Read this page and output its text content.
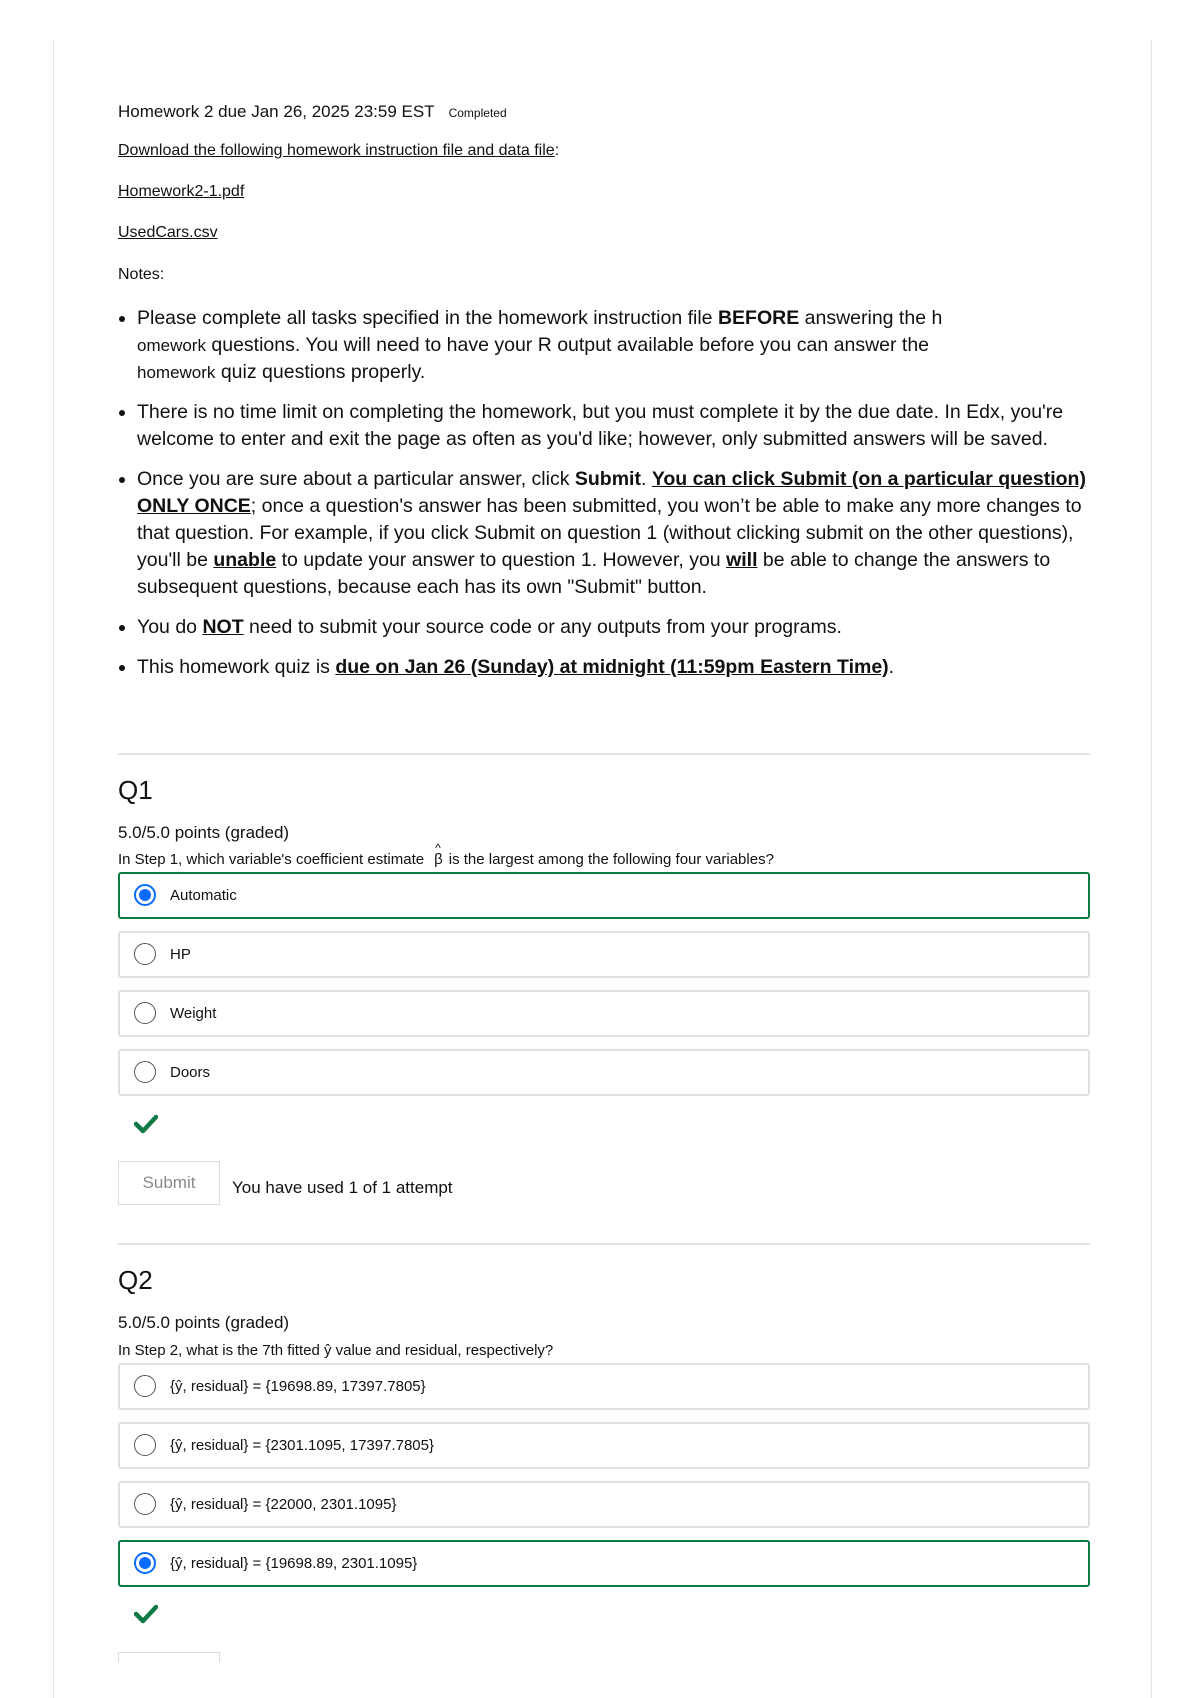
Homework 2 due Jan 26, 2025 23:59 EST Completed
Download the following homework instruction file and data file:
Homework2-1.pdf
UsedCars.csv
Notes:
• Please complete all tasks specified in the homework instruction file BEFORE answering the h
omework questions. You will need to have your R output available before you can answer the
homework quiz questions properly.
• There is no time limit on completing the homework, but you must complete it by the due date. In Edx, you're welcome to enter and exit the page as often as you'd like; however, only submitted answers will be saved.
• Once you are sure about a particular answer, click Submit. You can click Submit (on a particular question) ONLY ONCE; once a question's answer has been submitted, you won’t be able to make any more changes to that question. For example, if you click Submit on question 1 (without clicking submit on the other questions), you'll be unable to update your answer to question 1. However, you will be able to change the answers to subsequent questions, because each has its own "Submit" button.
• You do NOT need to submit your source code or any outputs from your programs.
• This homework quiz is due on Jan 26 (Sunday) at midnight (11:59pm Eastern Time).
Q1
5.0/5.0 points (graded)
In Step 1, which variable's coefficient estimate^ β is the largest among the following four variables?
Automatic
HP
Weight
Doors
Submit	You have used 1 of 1 attempt
Q2
5.0/5.0 points (graded)
In Step 2, what is the 7th fitted ŷ value and residual, respectively?
{ŷ, residual} = {19698.89, 17397.7805}
{ŷ, residual} = {2301.1095, 17397.7805}
{ŷ, residual} = {22000, 2301.1095}
{ŷ, residual} = {19698.89, 2301.1095}
